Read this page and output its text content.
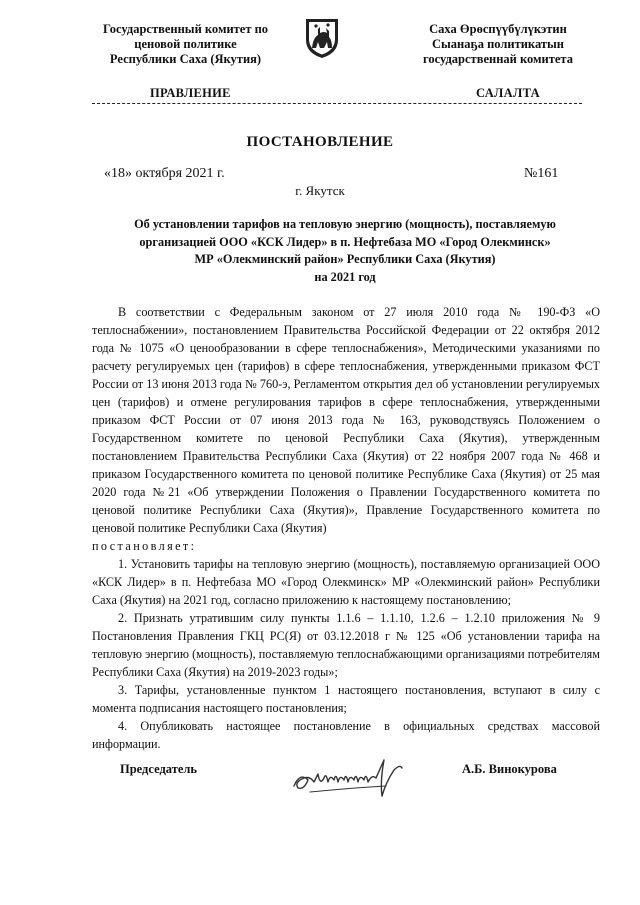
Государственный комитет по
ценовой политике
Республики Саха (Якутия)
Саха Өрөспүүбүлүкэтин
Сыанаҕа политикатын
государственнай комитета
ПРАВЛЕНИЕ	САЛАЛТА
ПОСТАНОВЛЕНИЕ
«18» октября 2021 г.	№161
г. Якутск
Об установлении тарифов на тепловую энергию (мощность), поставляемую
организацией ООО «КСК Лидер» в п. Нефтебаза МО «Город Олекминск»
МР «Олекминский район» Республики Саха (Якутия)
на 2021 год

В соответствии с Федеральным законом от 27 июля 2010 года № 190-ФЗ «О теплоснабжении», постановлением Правительства Российской Федерации от 22 октября 2012 года № 1075 «О ценообразовании в сфере теплоснабжения», Методическими указаниями по расчету регулируемых цен (тарифов) в сфере теплоснабжения, утвержденными приказом ФСТ России от 13 июня 2013 года № 760-э, Регламентом открытия дел об установлении регулируемых цен (тарифов) и отмене регулирования тарифов в сфере теплоснабжения, утвержденными приказом ФСТ России от 07 июня 2013 года № 163, руководствуясь Положением о Государственном комитете по ценовой Республики Саха (Якутия), утвержденным постановлением Правительства Республики Саха (Якутия) от 22 ноября 2007 года № 468 и приказом Государственного комитета по ценовой политике Республике Саха (Якутия) от 25 мая 2020 года №21 «Об утверждении Положения о Правлении Государственного комитета по ценовой политике Республики Саха (Якутия)», Правление Государственного комитета по ценовой политике Республики Саха (Якутия)

постановляет:

1. Установить тарифы на тепловую энергию (мощность), поставляемую организацией ООО «КСК Лидер» в п. Нефтебаза МО «Город Олекминск» МР «Олекминский район» Республики Саха (Якутия) на 2021 год, согласно приложению к настоящему постановлению;

2. Признать утратившим силу пункты 1.1.6 – 1.1.10, 1.2.6 – 1.2.10 приложения № 9 Постановления Правления ГКЦ РС(Я) от 03.12.2018 г № 125 «Об установлении тарифа на тепловую энергию (мощность), поставляемую теплоснабжающими организациями потребителям Республики Саха (Якутия) на 2019-2023 годы»;

3. Тарифы, установленные пунктом 1 настоящего постановления, вступают в силу с момента подписания настоящего постановления;

4. Опубликовать настоящее постановление в официальных средствах массовой информации.

Председатель	А.Б. Винокурова
